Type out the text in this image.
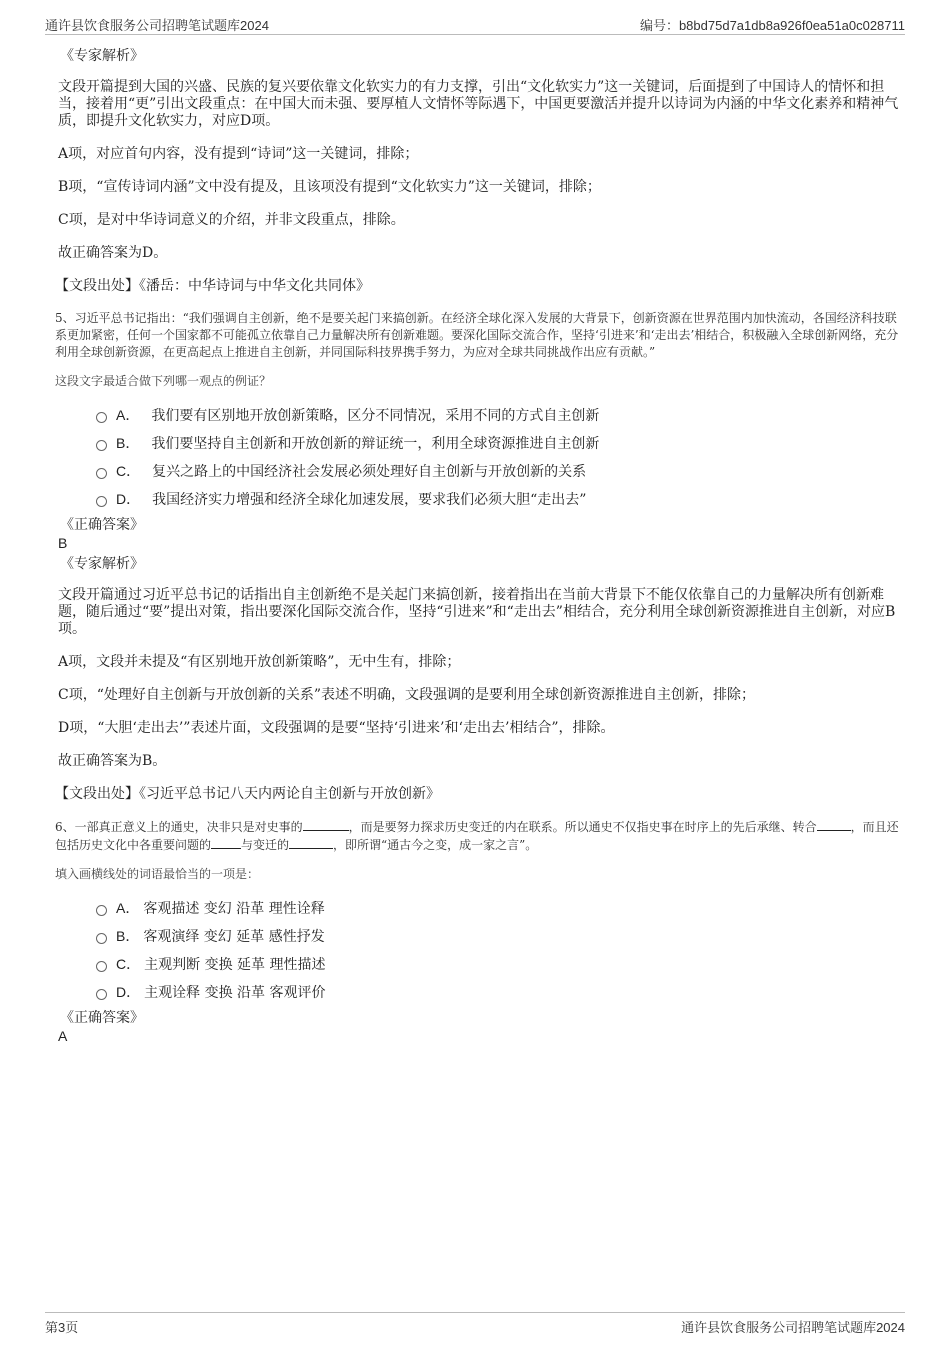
通许县饮食服务公司招聘笔试题库2024	编号：b8bd75d7a1db8a926f0ea51a0c028711

《专家解析》

文段开篇提到大国的兴盛、民族的复兴要依靠文化软实力的有力支撑，引出“文化软实力”这一关键词，后面提到了中国诗人的情怀和担当，接着用“更”引出文段重点：在中国大而未强、要厚植人文情怀等际遇下，中国更要激活并提升以诗词为内涵的中华文化素养和精神气质，即提升文化软实力，对应D项。

A项，对应首句内容，没有提到“诗词”这一关键词，排除；

B项，“宣传诗词内涵”文中没有提及，且该项没有提到“文化软实力”这一关键词，排除；

C项，是对中华诗词意义的介绍，并非文段重点，排除。

故正确答案为D。

【文段出处】《潘岳：中华诗词与中华文化共同体》

5、习近平总书记指出：“我们强调自主创新，绝不是要关起门来搞创新。在经济全球化深入发展的大背景下，创新资源在世界范围内加快流动，各国经济科技联系更加紧密，任何一个国家都不可能孤立依靠自己力量解决所有创新难题。要深化国际交流合作，坚持‘引进来’和‘走出去’相结合，积极融入全球创新网络，充分利用全球创新资源，在更高起点上推进自主创新，并同国际科技界携手努力，为应对全球共同挑战作出应有贡献。”

这段文字最适合做下列哪一观点的例证？

A． 我们要有区别地开放创新策略，区分不同情况，采用不同的方式自主创新
B． 我们要坚持自主创新和开放创新的辩证统一，利用全球资源推进自主创新
C． 复兴之路上的中国经济社会发展必须处理好自主创新与开放创新的关系
D． 我国经济实力增强和经济全球化加速发展，要求我们必须大胆“走出去”

《正确答案》

B

《专家解析》

文段开篇通过习近平总书记的话指出自主创新绝不是关起门来搞创新，接着指出在当前大背景下不能仅依靠自己的力量解决所有创新难题，随后通过“要”提出对策，指出要深化国际交流合作，坚持“引进来”和“走出去”相结合，充分利用全球创新资源推进自主创新，对应B项。

A项，文段并未提及“有区别地开放创新策略”，无中生有，排除；

C项，“处理好自主创新与开放创新的关系”表述不明确，文段强调的是要利用全球创新资源推进自主创新，排除；

D项，“大胆‘走出去’”表述片面，文段强调的是要“坚持‘引进来’和‘走出去’相结合”，排除。

故正确答案为B。

【文段出处】《习近平总书记八天内两论自主创新与开放创新》

6、一部真正意义上的通史，决非只是对史事的	，而是要努力探求历史变迁的内在联系。所以通史不仅指史事在时序上的先后承继、转合	，而且还包括历史文化中各重要问题的	与变迁的	，即所谓“通古今之变，成一家之言”。

填入画横线处的词语最恰当的一项是：

A． 客观描述 变幻 沿革 理性诠释
B． 客观演绎 变幻 延革 感性抒发
C． 主观判断 变换 延革 理性描述
D． 主观诠释 变换 沿革 客观评价

《正确答案》

A

第3页	通许县饮食服务公司招聘笔试题库2024
